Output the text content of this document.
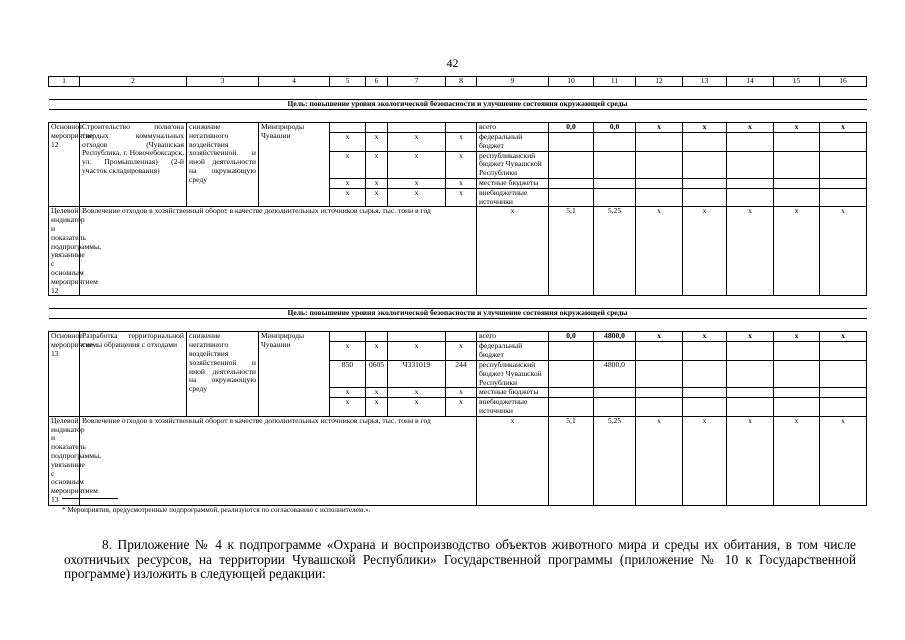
42
1	2	3	4	5	6	7	8	9	10	11	12	13	14	15	16

Цель: повышение уровня экологической безопасности и улучшение состояния окружающей среды															

Основное мероприятие 12	Строительство полигона твердых коммунальных отходов (Чувашская Республика, г. Новочебоксарск, ул. Промышленная) (2-й участок складирования)	снижение негативного воздействия хозяйственной и иной деятельности на окружающую среду	Минприроды Чувашии					всего	0,0	0,0	x	x	x	x	x
				x	x	x	x	федеральный бюджет							
				x	x	x	x	республиканский бюджет Чувашской Республики							
				x	x	x	x	местные бюджеты							
				x	x	x	x	внебюджетные источники							
Целевой индикатор и показатель подпрограммы, увязанные с основным мероприятием 12	Вовлечение отходов в хозяйственный оборот в качестве дополнительных источников сырья, тыс. тонн в год							x	5,1	5,25	x	x	x	x	x

Цель: повышение уровня экологической безопасности и улучшение состояния окружающей среды															

Основное мероприятие 13	Разработка территориальной схемы обращения с отходами	снижение негативного воздействия хозяйственной и иной деятельности на окружающую среду	Минприроды Чувашии					всего	0,0	4800,0	x	x	x	x	x
				x	x	x	x	федеральный бюджет							
				850	0605	Ч331019	244	республиканский бюджет Чувашской Республики		4800,0					
				x	x	x	x	местные бюджеты							
				x	x	x	x	внебюджетные источники							
Целевой индикатор и показатель подпрограммы, увязанные с основным мероприятием 13	Вовлечение отходов в хозяйственный оборот в качестве дополнительных источников сырья, тыс. тонн в год							x	5,1	5,25	x	x	x	x	x
* Мероприятия, предусмотренные подпрограммой, реализуются по согласованию с исполнителем.».
8. Приложение № 4 к подпрограмме «Охрана и воспроизводство объектов животного мира и среды их обитания, в том числе охотничьих ресурсов, на территории Чувашской Республики» Государственной программы (приложение № 10 к Государственной программе) изложить в следующей редакции:
